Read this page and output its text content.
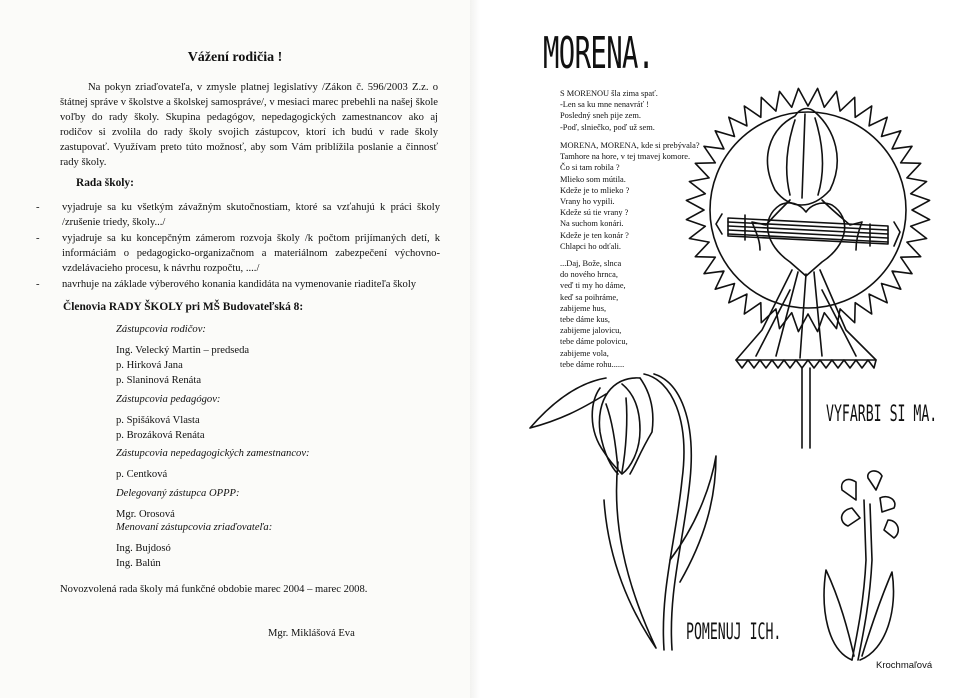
Vážení rodičia !

Na pokyn zriaďovateľa, v zmysle platnej legislatívy /Zákon č. 596/2003 Z.z. o štátnej správe v školstve a školskej samospráve/, v mesiaci marec prebehli na našej škole voľby do rady školy. Skupina pedagógov, nepedagogických zamestnancov ako aj rodičov si zvolila do rady školy svojich zástupcov, ktorí ich budú v rade školy zastupovať. Využívam preto túto možnosť, aby som Vám priblížila poslanie a činnosť rady školy.

Rada školy:
- vyjadruje sa ku všetkým závažným skutočnostiam, ktoré sa vzťahujú k práci školy /zrušenie triedy, školy.../
- vyjadruje sa ku koncepčným zámerom rozvoja školy /k počtom prijímaných detí, k informáciám o pedagogicko-organizačnom a materiálnom zabezpečení výchovno-vzdelávacieho procesu, k návrhu rozpočtu, ..../
- navrhuje na základe výberového konania kandidáta na vymenovanie riaditeľa školy
Členovia RADY ŠKOLY pri MŠ Budovateľská 8:
Zástupcovia rodičov:
Ing. Velecký Martin – predseda
p. Hirková Jana
p. Slaninová Renáta
Zástupcovia pedagógov:
p. Spišáková Vlasta
p. Brozáková Renáta
Zástupcovia nepedagogických zamestnancov:
p. Centková
Delegovaný zástupca OPPP:
Mgr. Orosová
Menovaní zástupcovia zriaďovateľa:
Ing. Bujdosó
Ing. Balún
Novozvolená rada školy má funkčné obdobie marec 2004 – marec 2008.
Mgr. Miklášová Eva
MORENA.
S MORENOU šla zima spať.
-Len sa ku mne nenavráť !
Posledný sneh pije zem.
-Poď, slniečko, poď už sem.
MORENA, MORENA, kde si prebývala?
Tamhore na hore, v tej tmavej komore.
Čo si tam robila ?
Mlieko som mútila.
Kdeže je to mlieko ?
Vrany ho vypili.
Kdeže sú tie vrany ?
Na suchom konári.
Kdeže je ten konár ?
Chlapci ho odťali.
...Daj, Bože, slnca
do nového hrnca,
veď ti my ho dáme,
keď sa poihráme,
zabijeme hus,
tebe dáme kus,
zabijeme jalovicu,
tebe dáme polovicu,
zabijeme vola,
tebe dáme rohu......
VYFARBI SI MA.
POMENUJ ICH.
Krochmaľová
